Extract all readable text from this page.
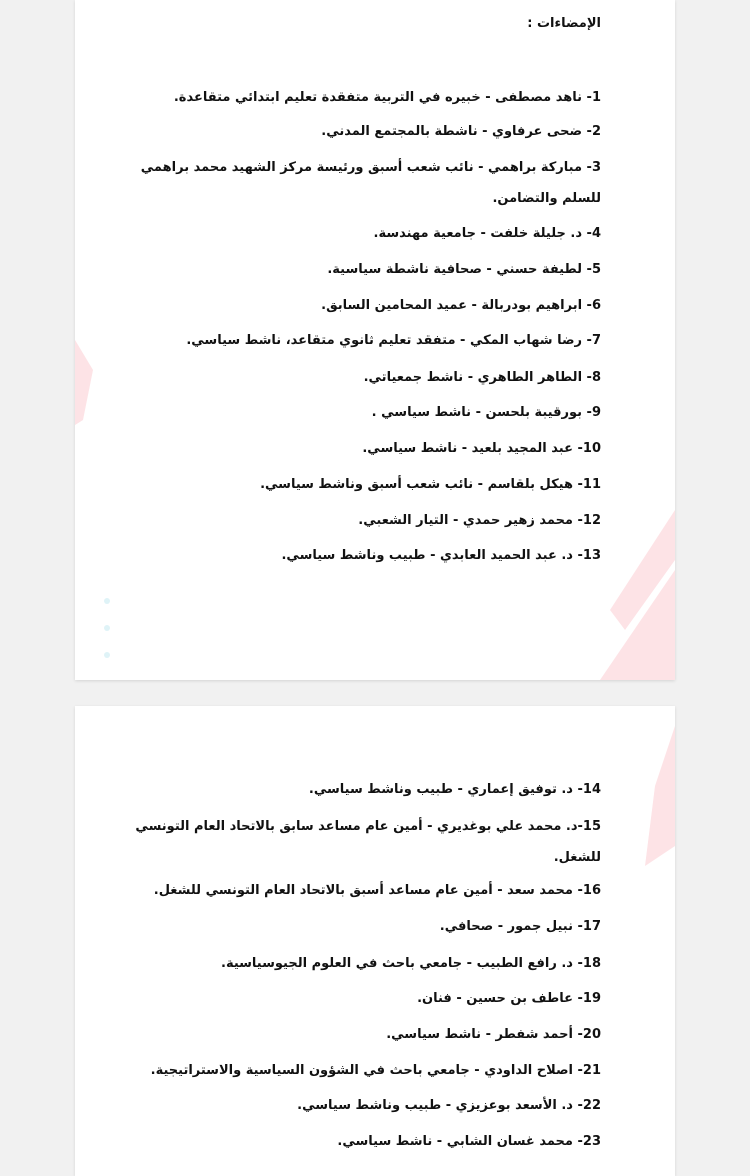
الإمضاءات :
1- ناهد مصطفى - خبيره في التربية متفقدة تعليم ابتدائي متقاعدة.
2- ضحى عرفاوي - ناشطة بالمجتمع المدني.
3- مباركة براهمي - نائب شعب أسبق ورئيسة مركز الشهيد محمد براهمي
للسلم والتضامن.
4- د. جليلة خلفت - جامعية مهندسة.
5- لطيفة حسني - صحافية ناشطة سياسية.
6- ابراهيم بودربالة - عميد المحامين السابق.
7- رضا شهاب المكي - متفقد تعليم ثانوي متقاعد، ناشط سياسي.
8- الطاهر الطاهري - ناشط جمعياتي.
9- بورقيبة بلحسن - ناشط سياسي .
10- عبد المجيد بلعيد - ناشط سياسي.
11- هيكل بلقاسم - نائب شعب أسبق وناشط سياسي.
12- محمد زهير حمدي - التيار الشعبي.
13- د. عبد الحميد العابدي - طبيب وناشط سياسي.
14- د. توفيق إعماري - طبيب وناشط سياسي.
15-د. محمد علي بوغديري - أمين عام مساعد سابق بالاتحاد العام التونسي
للشغل.
16- محمد سعد - أمين عام مساعد أسبق بالاتحاد العام التونسي للشغل.
17- نبيل جمور - صحافي.
18- د. رافع الطبيب - جامعي باحث في العلوم الجيوسياسية.
19- عاطف بن حسين - فنان.
20- أحمد شفطر - ناشط سياسي.
21- اصلاح الداودي - جامعي باحث في الشؤون السياسية والاستراتيجية.
22- د. الأسعد بوعزيزي - طبيب وناشط سياسي.
23- محمد غسان الشابي - ناشط سياسي.
